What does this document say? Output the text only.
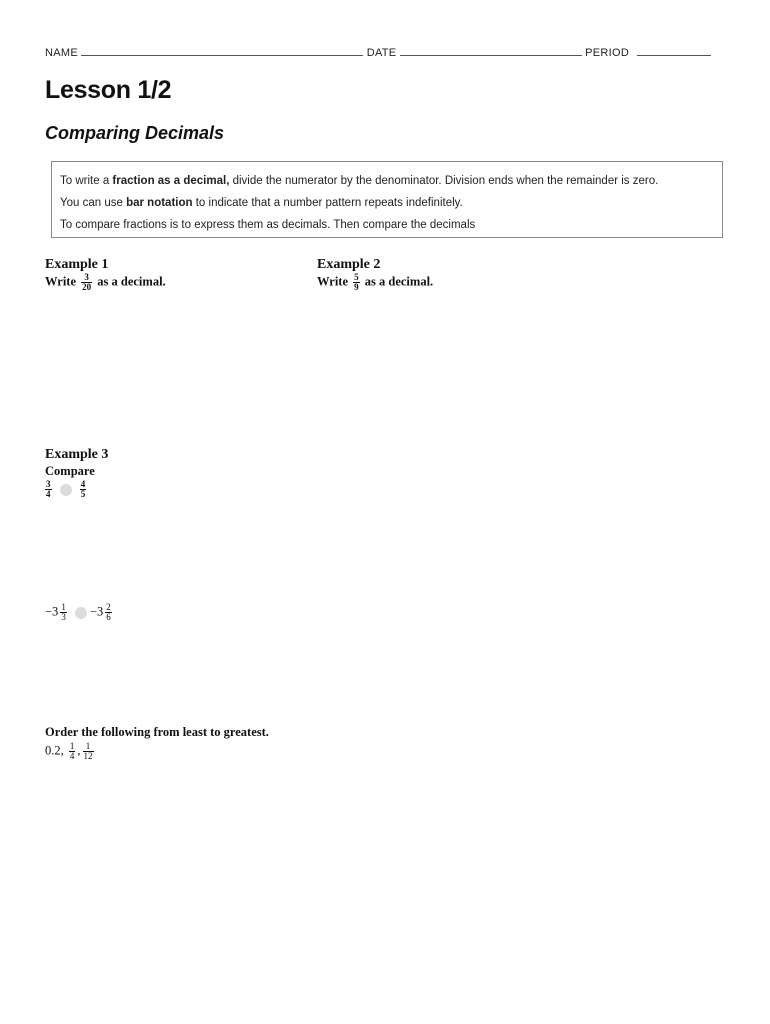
NAME	DATE	PERIOD
Lesson 1/2
Comparing Decimals
To write a fraction as a decimal, divide the numerator by the denominator. Division ends when the remainder is zero.
You can use bar notation to indicate that a number pattern repeats indefinitely.
To compare fractions is to express them as decimals. Then compare the decimals
Example 1
Write $\frac{3}{20}$ as a decimal.
Example 2
Write $\frac{5}{9}$ as a decimal.
Example 3
Compare
$\frac{3}{4}$
	$\frac{4}{5}$
$-3 \frac{1}{3} -3 \frac{2}{6}$
Order the following from least to greatest.
0.2, $\frac{1}{4}$ , $\frac{1}{12}$
